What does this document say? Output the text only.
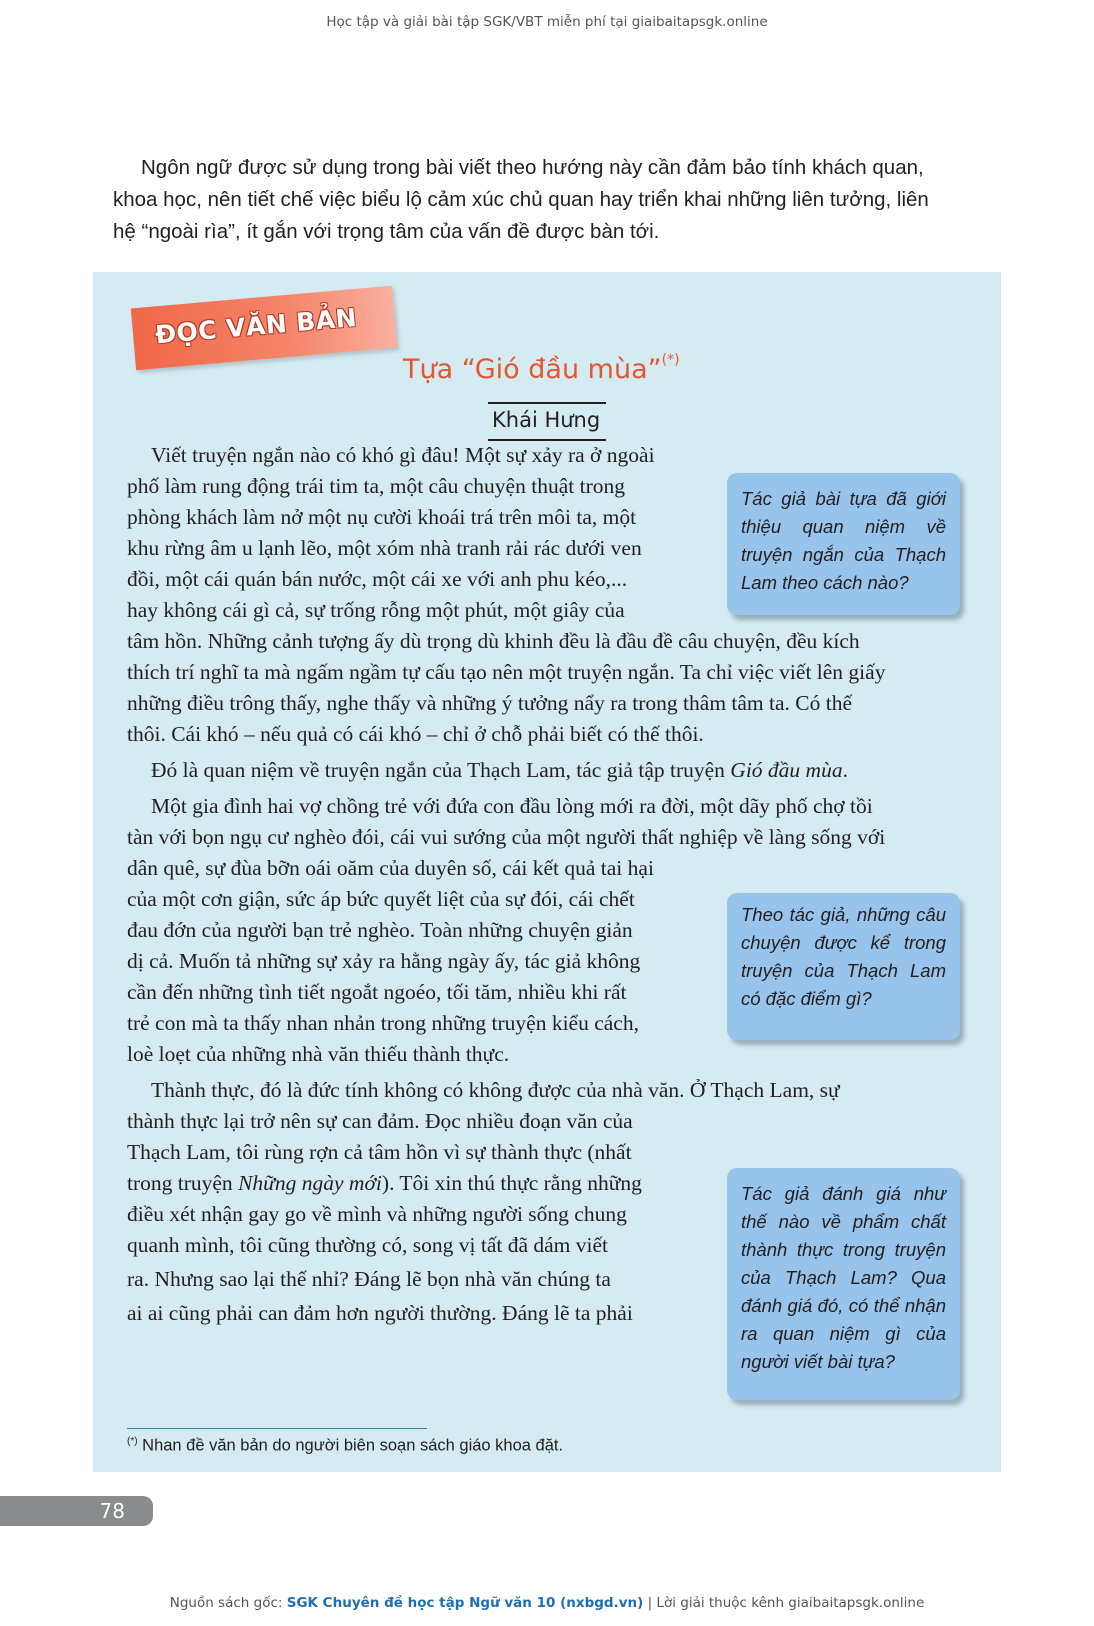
Học tập và giải bài tập SGK/VBT miễn phí tại giaibaitapsgk.online
Ngôn ngữ được sử dụng trong bài viết theo hướng này cần đảm bảo tính khách quan,
khoa học, nên tiết chế việc biểu lộ cảm xúc chủ quan hay triển khai những liên tưởng, liên
hệ “ngoài rìa”, ít gắn với trọng tâm của vấn đề được bàn tới.
ĐỌC VĂN BẢN
Tựa “Gió đầu mùa”(*)
Khái Hưng
Viết truyện ngắn nào có khó gì đâu! Một sự xảy ra ở ngoài
phố làm rung động trái tim ta, một câu chuyện thuật trong
phòng khách làm nở một nụ cười khoái trá trên môi ta, một
khu rừng âm u lạnh lẽo, một xóm nhà tranh rải rác dưới ven
đồi, một cái quán bán nước, một cái xe với anh phu kéo,...
hay không cái gì cả, sự trống rỗng một phút, một giây của
tâm hồn. Những cảnh tượng ấy dù trọng dù khinh đều là đầu đề câu chuyện, đều kích
thích trí nghĩ ta mà ngấm ngầm tự cấu tạo nên một truyện ngắn. Ta chỉ việc viết lên giấy
những điều trông thấy, nghe thấy và những ý tưởng nẩy ra trong thâm tâm ta. Có thế
thôi. Cái khó – nếu quả có cái khó – chỉ ở chỗ phải biết có thế thôi.
Đó là quan niệm về truyện ngắn của Thạch Lam, tác giả tập truyện Gió đầu mùa.
Một gia đình hai vợ chồng trẻ với đứa con đầu lòng mới ra đời, một dãy phố chợ tồi
tàn với bọn ngụ cư nghèo đói, cái vui sướng của một người thất nghiệp về làng sống với
dân quê, sự đùa bỡn oái oăm của duyên số, cái kết quả tai hại
của một cơn giận, sức áp bức quyết liệt của sự đói, cái chết
đau đớn của người bạn trẻ nghèo. Toàn những chuyện giản
dị cả. Muốn tả những sự xảy ra hằng ngày ấy, tác giả không
cần đến những tình tiết ngoắt ngoéo, tối tăm, nhiều khi rất
trẻ con mà ta thấy nhan nhản trong những truyện kiểu cách,
loè loẹt của những nhà văn thiếu thành thực.
Thành thực, đó là đức tính không có không được của nhà văn. Ở Thạch Lam, sự
thành thực lại trở nên sự can đảm. Đọc nhiều đoạn văn của
Thạch Lam, tôi rùng rợn cả tâm hồn vì sự thành thực (nhất
trong truyện Những ngày mới). Tôi xin thú thực rằng những
điều xét nhận gay go về mình và những người sống chung
quanh mình, tôi cũng thường có, song vị tất đã dám viết
ra. Nhưng sao lại thế nhỉ? Đáng lẽ bọn nhà văn chúng ta
ai ai cũng phải can đảm hơn người thường. Đáng lẽ ta phải
Tác giả bài tựa đã giới thiệu quan niệm về truyện ngắn của Thạch Lam theo cách nào?
Theo tác giả, những câu chuyện được kể trong truyện của Thạch Lam có đặc điểm gì?
Tác giả đánh giá như thế nào về phẩm chất thành thực trong truyện của Thạch Lam? Qua đánh giá đó, có thể nhận ra quan niệm gì của người viết bài tựa?
(*) Nhan đề văn bản do người biên soạn sách giáo khoa đặt.
78
Nguồn sách gốc: SGK Chuyên đề học tập Ngữ văn 10 (nxbgd.vn) | Lời giải thuộc kênh giaibaitapsgk.online
